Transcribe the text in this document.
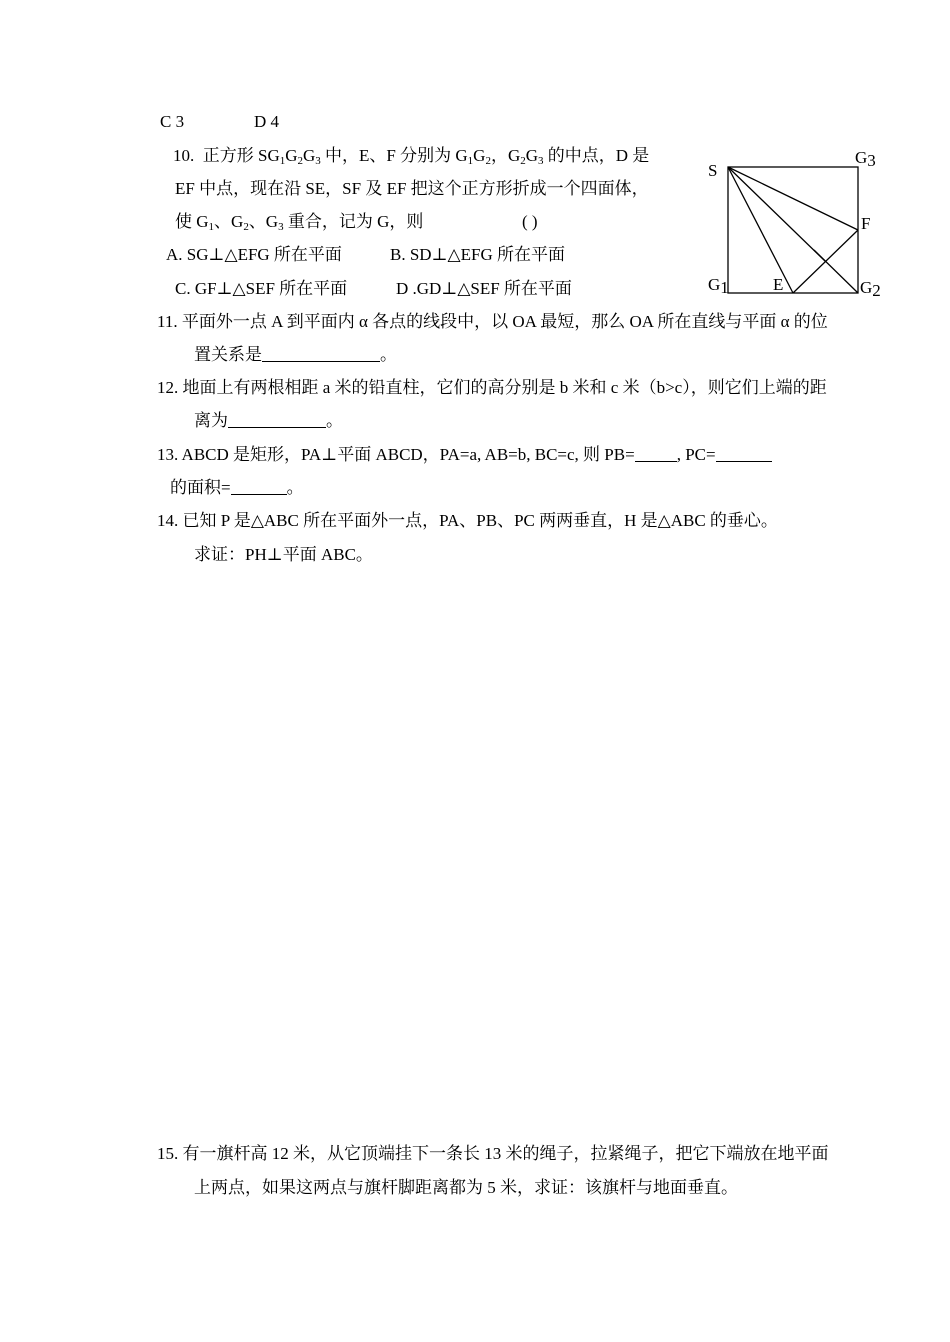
C 3	D 4
10. 正方形 $SG_1G_2G_3$ 中，E、F 分别为 $G_1G_2$，$G_2G_3$ 的中点，D 是
EF 中点，现在沿 SE，SF 及 EF 把这个正方形折成一个四面体，
使 $G_1$、$G_2$、$G_3$ 重合，记为 G，则	( )
A. SG⊥△EFG 所在平面	B. SD⊥△EFG 所在平面
C. GF⊥△SEF 所在平面	D .GD⊥△SEF 所在平面
S
G3
F
G1	E	G2
11. 平面外一点 A 到平面内 α 各点的线段中，以 OA 最短，那么 OA 所在直线与平面 α 的位
置关系是	。
12. 地面上有两根相距 a 米的铅直柱，它们的高分别是 b 米和 c 米（b>c），则它们上端的距
离为	。
13. ABCD 是矩形，PA⊥平面 ABCD，PA=a, AB=b, BC=c, 则 PB= , PC=
的面积=	。
14. 已知 P 是△ABC 所在平面外一点，PA、PB、PC 两两垂直，H 是△ABC 的垂心。
求证：PH⊥平面 ABC。
15. 有一旗杆高 12 米，从它顶端挂下一条长 13 米的绳子，拉紧绳子，把它下端放在地平面
上两点，如果这两点与旗杆脚距离都为 5 米，求证：该旗杆与地面垂直。
